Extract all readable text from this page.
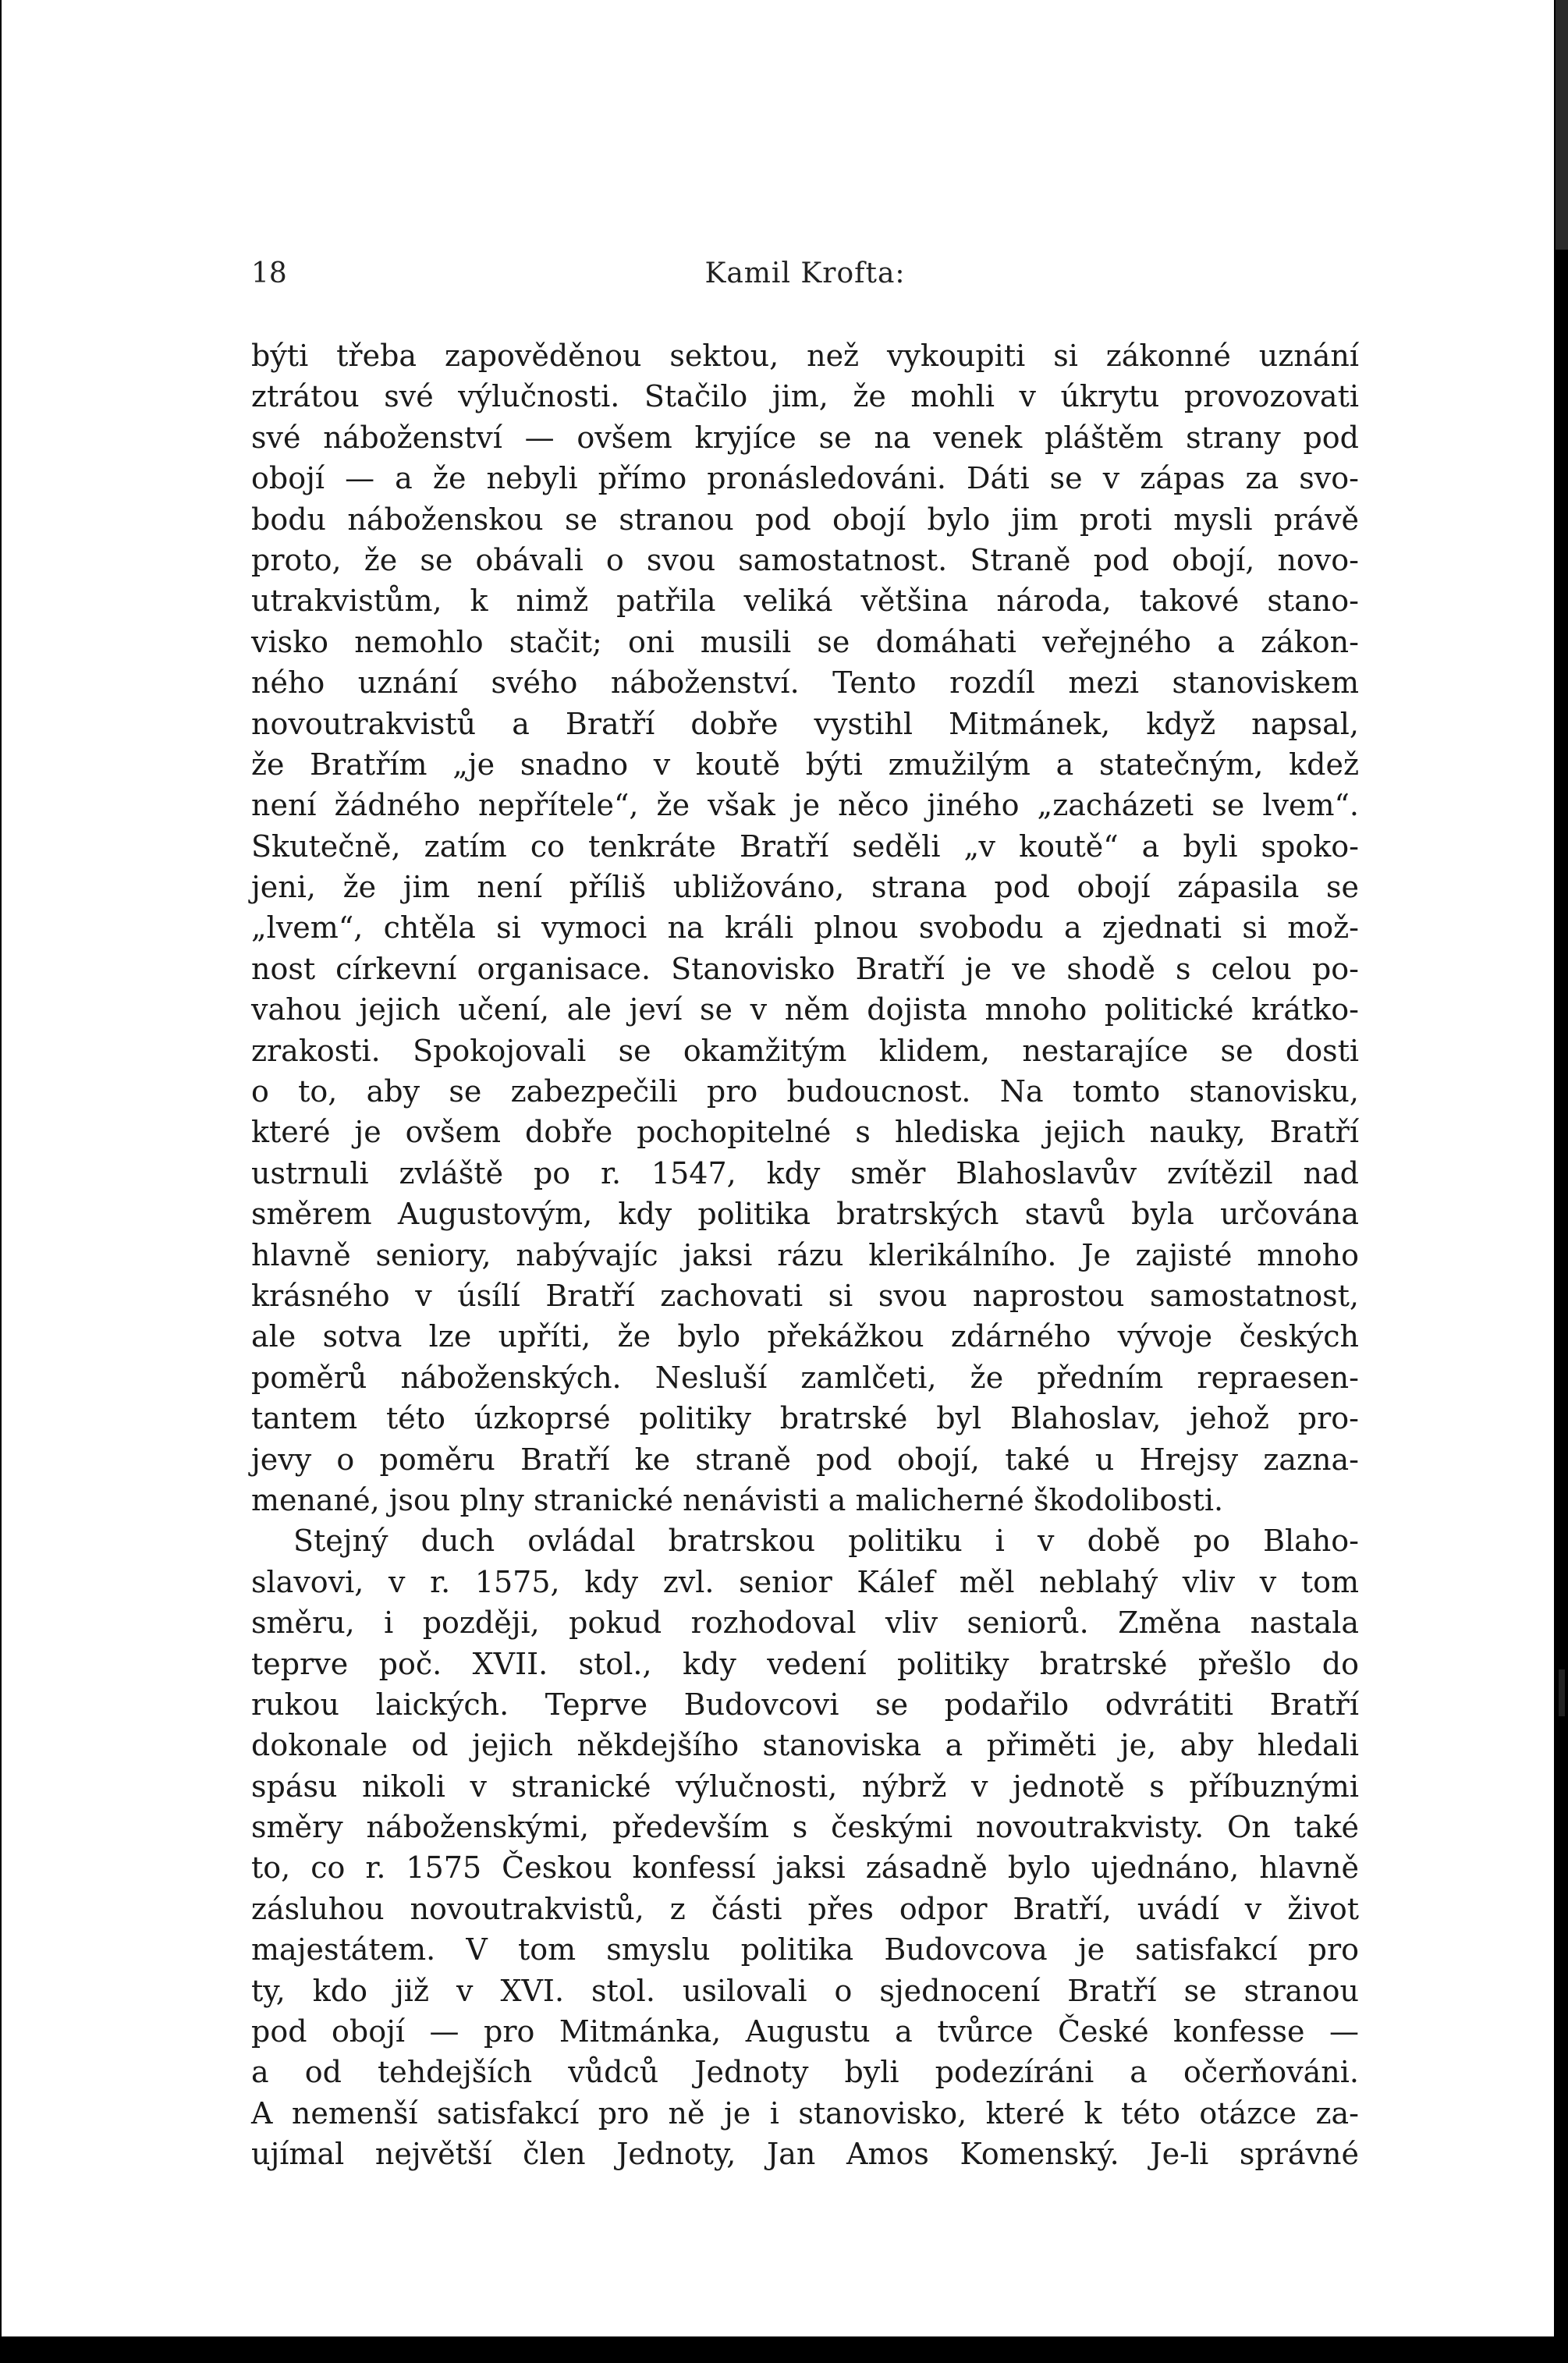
18	Kamil Krofta:
býti třeba zapověděnou sektou, než vykoupiti si zákonné uznání
ztrátou své výlučnosti. Stačilo jim, že mohli v úkrytu provozovati
své náboženství — ovšem kryjíce se na venek pláštěm strany pod
obojí — a že nebyli přímo pronásledováni. Dáti se v zápas za svo-
bodu náboženskou se stranou pod obojí bylo jim proti mysli právě
proto, že se obávali o svou samostatnost. Straně pod obojí, novo-
utrakvistům, k nimž patřila veliká většina národa, takové stano-
visko nemohlo stačit; oni musili se domáhati veřejného a zákon-
ného uznání svého náboženství. Tento rozdíl mezi stanoviskem
novoutrakvistů a Bratří dobře vystihl Mitmánek, když napsal,
že Bratřím „je snadno v koutě býti zmužilým a statečným, kdež
není žádného nepřítele“, že však je něco jiného „zacházeti se lvem“.
Skutečně, zatím co tenkráte Bratří seděli „v koutě“ a byli spoko-
jeni, že jim není příliš ubližováno, strana pod obojí zápasila se
„lvem“, chtěla si vymoci na králi plnou svobodu a zjednati si mož-
nost církevní organisace. Stanovisko Bratří je ve shodě s celou po-
vahou jejich učení, ale jeví se v něm dojista mnoho politické krátko-
zrakosti. Spokojovali se okamžitým klidem, nestarajíce se dosti
o to, aby se zabezpečili pro budoucnost. Na tomto stanovisku,
které je ovšem dobře pochopitelné s hlediska jejich nauky, Bratří
ustrnuli zvláště po r. 1547, kdy směr Blahoslavův zvítězil nad
směrem Augustovým, kdy politika bratrských stavů byla určována
hlavně seniory, nabývajíc jaksi rázu klerikálního. Je zajisté mnoho
krásného v úsílí Bratří zachovati si svou naprostou samostatnost,
ale sotva lze upříti, že bylo překážkou zdárného vývoje českých
poměrů náboženských. Nesluší zamlčeti, že předním repraesen-
tantem této úzkoprsé politiky bratrské byl Blahoslav, jehož pro-
jevy o poměru Bratří ke straně pod obojí, také u Hrejsy zazna-
menané, jsou plny stranické nenávisti a malicherné škodolibosti.
Stejný duch ovládal bratrskou politiku i v době po Blaho-
slavovi, v r. 1575, kdy zvl. senior Kálef měl neblahý vliv v tom
směru, i později, pokud rozhodoval vliv seniorů. Změna nastala
teprve poč. XVII. stol., kdy vedení politiky bratrské přešlo do
rukou laických. Teprve Budovcovi se podařilo odvrátiti Bratří
dokonale od jejich někdejšího stanoviska a přiměti je, aby hledali
spásu nikoli v stranické výlučnosti, nýbrž v jednotě s příbuznými
směry náboženskými, především s českými novoutrakvisty. On také
to, co r. 1575 Českou konfessí jaksi zásadně bylo ujednáno, hlavně
zásluhou novoutrakvistů, z části přes odpor Bratří, uvádí v život
majestátem. V tom smyslu politika Budovcova je satisfakcí pro
ty, kdo již v XVI. stol. usilovali o sjednocení Bratří se stranou
pod obojí — pro Mitmánka, Augustu a tvůrce České konfesse —
a od tehdejších vůdců Jednoty byli podezíráni a očerňováni.
A nemenší satisfakcí pro ně je i stanovisko, které k této otázce za-
ujímal největší člen Jednoty, Jan Amos Komenský. Je-li správné
